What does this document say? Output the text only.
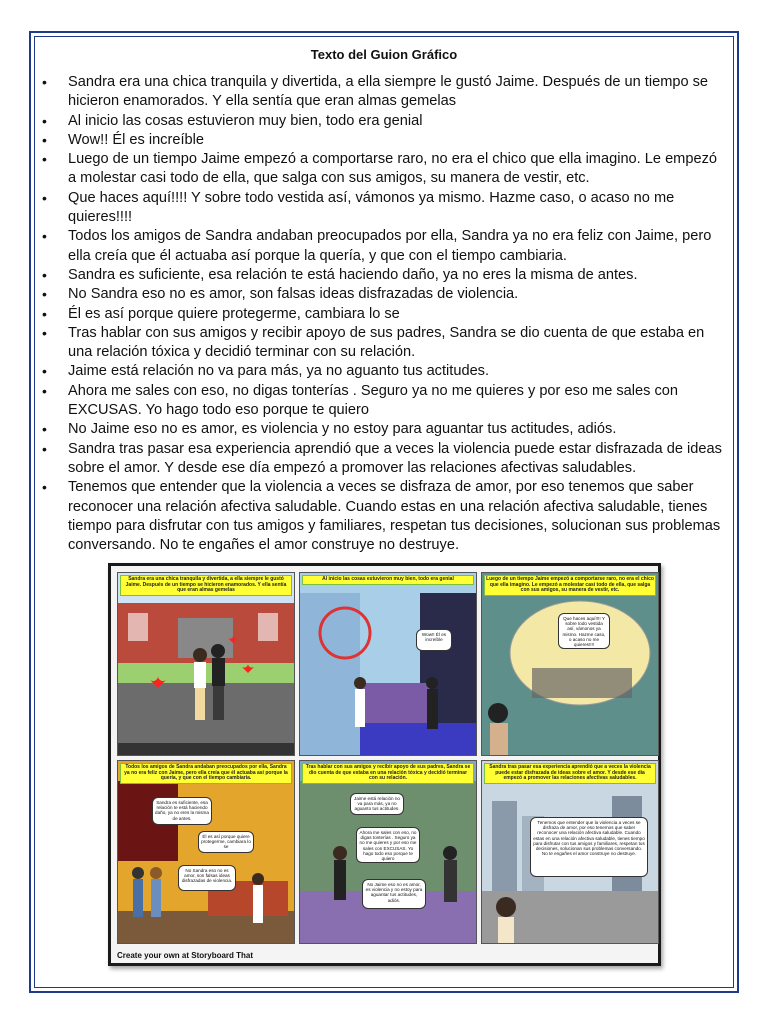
Texto del Guion Gráfico
• Sandra era una chica tranquila y divertida, a ella siempre le gustó Jaime. Después de un tiempo se hicieron enamorados. Y ella sentía que eran almas gemelas
• Al inicio las cosas estuvieron muy bien, todo era genial
• Wow!! Él es increíble
• Luego de un tiempo Jaime empezó a comportarse raro, no era el chico que ella imagino. Le empezó a molestar casi todo de ella, que salga con sus amigos, su manera de vestir, etc.
• Que haces aquí!!!! Y sobre todo vestida así, vámonos ya mismo. Hazme caso, o acaso no me quieres!!!!
• Todos los amigos de Sandra andaban preocupados por ella, Sandra ya no era feliz con Jaime, pero ella creía que él actuaba así porque la quería, y que con el tiempo cambiaria.
• Sandra es suficiente, esa relación te está haciendo daño, ya no eres la misma de antes.
• No Sandra eso no es amor, son falsas ideas disfrazadas de violencia.
• Él es así porque quiere protegerme, cambiara lo se
• Tras hablar con sus amigos y recibir apoyo de sus padres, Sandra se dio cuenta de que estaba en una relación tóxica y decidió terminar con su relación.
• Jaime está relación no va para más, ya no aguanto tus actitudes.
• Ahora me sales con eso, no digas tonterías . Seguro ya no me quieres y por eso me sales con EXCUSAS. Yo hago todo eso porque te quiero
• No Jaime eso no es amor, es violencia y no estoy para aguantar tus actitudes, adiós.
• Sandra tras pasar esa experiencia aprendió que a veces la violencia puede estar disfrazada de ideas sobre el amor. Y desde ese día empezó a promover las relaciones afectivas saludables.
• Tenemos que entender que la violencia a veces se disfraza de amor, por eso tenemos que saber reconocer una relación afectiva saludable. Cuando estas en una relación afectiva saludable, tienes tiempo para disfrutar con tus amigos y familiares, respetan tus decisiones, solucionan sus problemas conversando. No te engañes el amor construye no destruye.
Sandra era una chica tranquila y divertida, a ella siempre le gustó Jaime. Después de un tiempo se hicieron enamorados. Y ella sentía que eran almas gemelas
Al inicio las cosas estuvieron muy bien, todo era genial
Wow!! Él es increíble
Luego de un tiempo Jaime empezó a comportarse raro, no era el chico que ella imagino. Le empezó a molestar casi todo de ella, que salga con sus amigos, su manera de vestir, etc.
Que haces aquí!!!! Y sobre todo vestida así, vámonos ya mismo. Hazme caso, o acaso no me quieres!!!!
Todos los amigos de Sandra andaban preocupados por ella, Sandra ya no era feliz con Jaime, pero ella creía que él actuaba así porque la quería, y que con el tiempo cambiaria.
Sandra es suficiente, esa relación te está haciendo daño, ya no eres la misma de antes.
Él es así porque quiere protegerme, cambiara lo se
No Sandra eso no es amor, son falsas ideas disfrazadas de violencia.
Tras hablar con sus amigos y recibir apoyo de sus padres, Sandra se dio cuenta de que estaba en una relación tóxica y decidió terminar con su relación.
Jaime está relación no va para más, ya no aguanto tus actitudes.
Ahora me sales con eso, no digas tonterías . Seguro ya no me quieres y por eso me sales con EXCUSAS. Yo hago todo eso porque te quiero
No Jaime eso no es amor, es violencia y no estoy para aguantar tus actitudes, adiós.
Sandra tras pasar esa experiencia aprendió que a veces la violencia puede estar disfrazada de ideas sobre el amor. Y desde ese día empezó a promover las relaciones afectivas saludables.
Tenemos que entender que la violencia a veces se disfraza de amor, por eso tenemos que saber reconocer una relación afectiva saludable. Cuando estas en una relación afectiva saludable, tienes tiempo para disfrutar con tus amigos y familiares, respetan tus decisiones, solucionan sus problemas conversando. No te engañes el amor construye no destruye.
Create your own at Storyboard That
